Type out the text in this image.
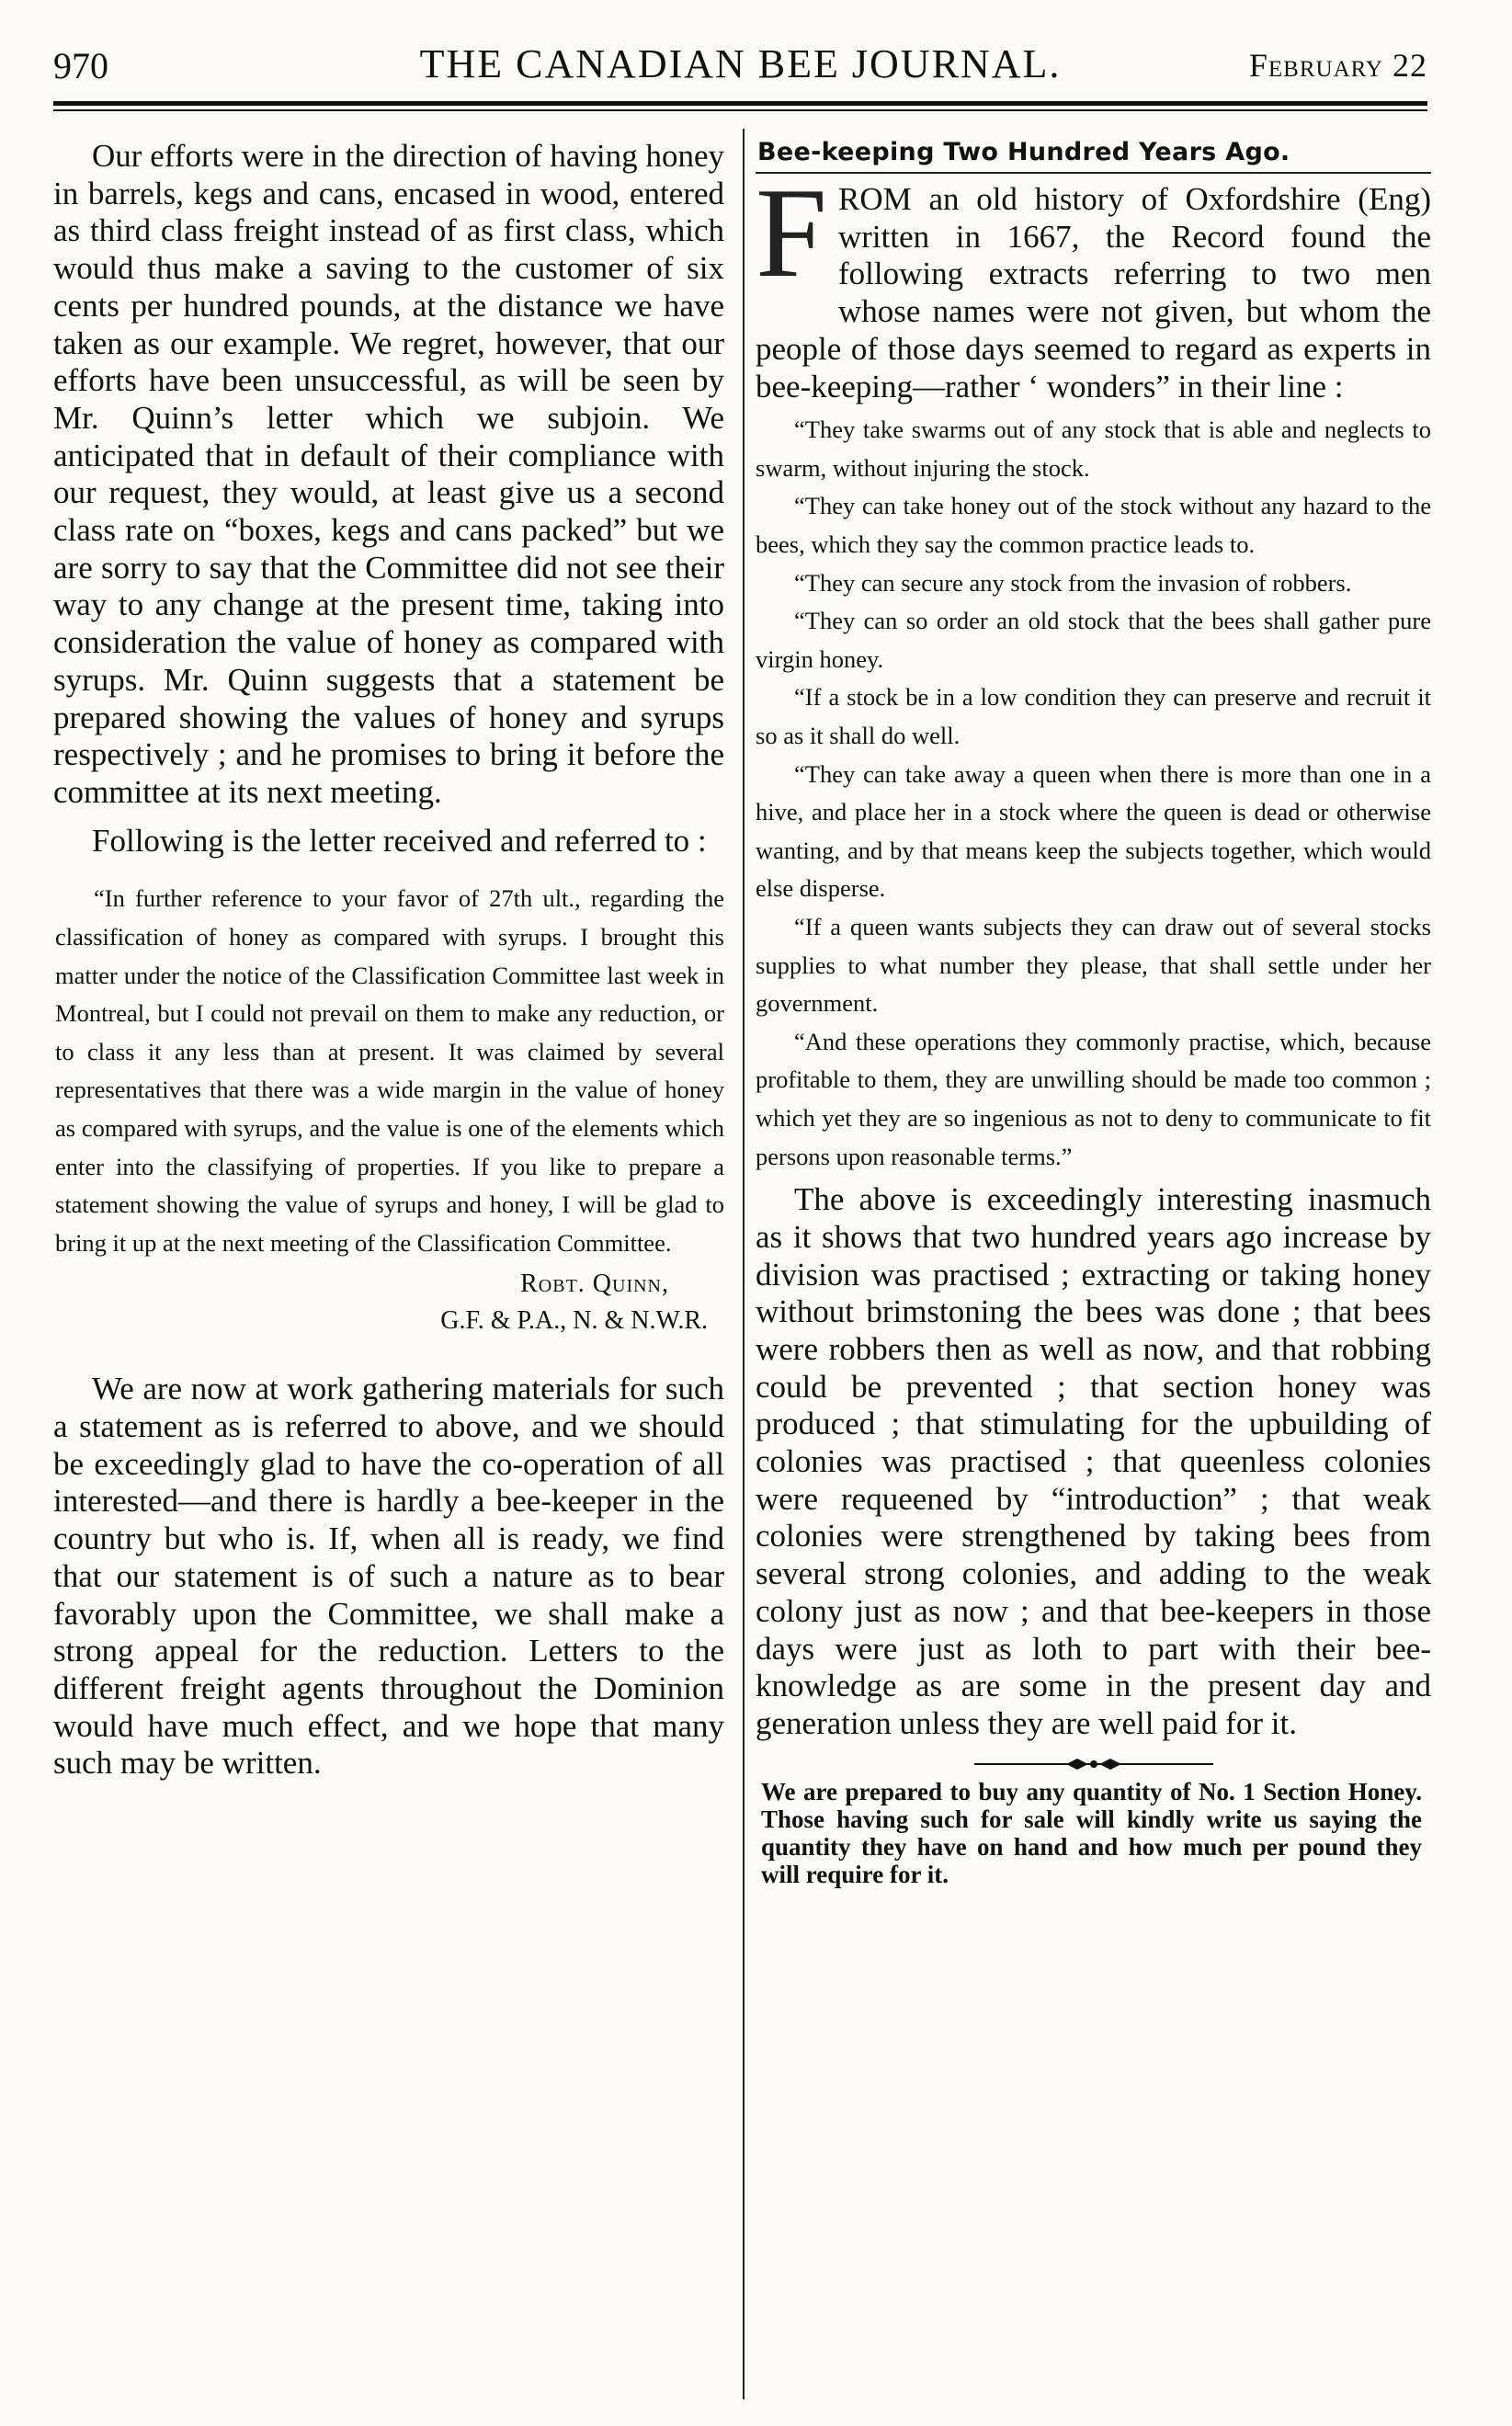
970	THE CANADIAN BEE JOURNAL.	February 22

Our efforts were in the direction of having honey in barrels, kegs and cans, encased in wood, entered as third class freight instead of as first class, which would thus make a saving to the customer of six cents per hundred pounds, at the distance we have taken as our example. We regret, however, that our efforts have been unsuccessful, as will be seen by Mr. Quinn’s letter which we subjoin. We anticipated that in default of their compliance with our request, they would, at least give us a second class rate on “boxes, kegs and cans packed” but we are sorry to say that the Committee did not see their way to any change at the present time, taking into consideration the value of honey as compared with syrups. Mr. Quinn suggests that a statement be prepared showing the values of honey and syrups respectively ; and he promises to bring it before the committee at its next meeting.

Following is the letter received and referred to :

“In further reference to your favor of 27th ult., regarding the classification of honey as compared with syrups. I brought this matter under the notice of the Classification Committee last week in Montreal, but I could not prevail on them to make any reduction, or to class it any less than at present. It was claimed by several representatives that there was a wide margin in the value of honey as compared with syrups, and the value is one of the elements which enter into the classifying of properties. If you like to prepare a statement showing the value of syrups and honey, I will be glad to bring it up at the next meeting of the Classification Committee.

Robt. Quinn,
G.F. & P.A., N. & N.W.R.

We are now at work gathering materials for such a statement as is referred to above, and we should be exceedingly glad to have the co-operation of all interested—and there is hardly a bee-keeper in the country but who is. If, when all is ready, we find that our statement is of such a nature as to bear favorably upon the Committee, we shall make a strong appeal for the reduction. Letters to the different freight agents throughout the Dominion would have much effect, and we hope that many such may be written.

Bee-keeping Two Hundred Years Ago.
F ROM an old history of Oxfordshire (Eng) written in 1667, the Record found the following extracts referring to two men whose names were not given, but whom the people of those days seemed to regard as experts in bee-keeping—rather ‘ wonders” in their line :

“They take swarms out of any stock that is able and neglects to swarm, without injuring the stock.

“They can take honey out of the stock without any hazard to the bees, which they say the common practice leads to.

“They can secure any stock from the invasion of robbers.

“They can so order an old stock that the bees shall gather pure virgin honey.

“If a stock be in a low condition they can preserve and recruit it so as it shall do well.

“They can take away a queen when there is more than one in a hive, and place her in a stock where the queen is dead or otherwise wanting, and by that means keep the subjects together, which would else disperse.

“If a queen wants subjects they can draw out of several stocks supplies to what number they please, that shall settle under her government.

“And these operations they commonly practise, which, because profitable to them, they are unwilling should be made too common ; which yet they are so ingenious as not to deny to communicate to fit persons upon reasonable terms.”

The above is exceedingly interesting inasmuch as it shows that two hundred years ago increase by division was practised ; extracting or taking honey without brimstoning the bees was done ; that bees were robbers then as well as now, and that robbing could be prevented ; that section honey was produced ; that stimulating for the upbuilding of colonies was practised ; that queenless colonies were requeened by “introduction” ; that weak colonies were strengthened by taking bees from several strong colonies, and adding to the weak colony just as now ; and that bee-keepers in those days were just as loth to part with their bee-knowledge as are some in the present day and generation unless they are well paid for it.

We are prepared to buy any quantity of No. 1 Section Honey. Those having such for sale will kindly write us saying the quantity they have on hand and how much per pound they will require for it.
